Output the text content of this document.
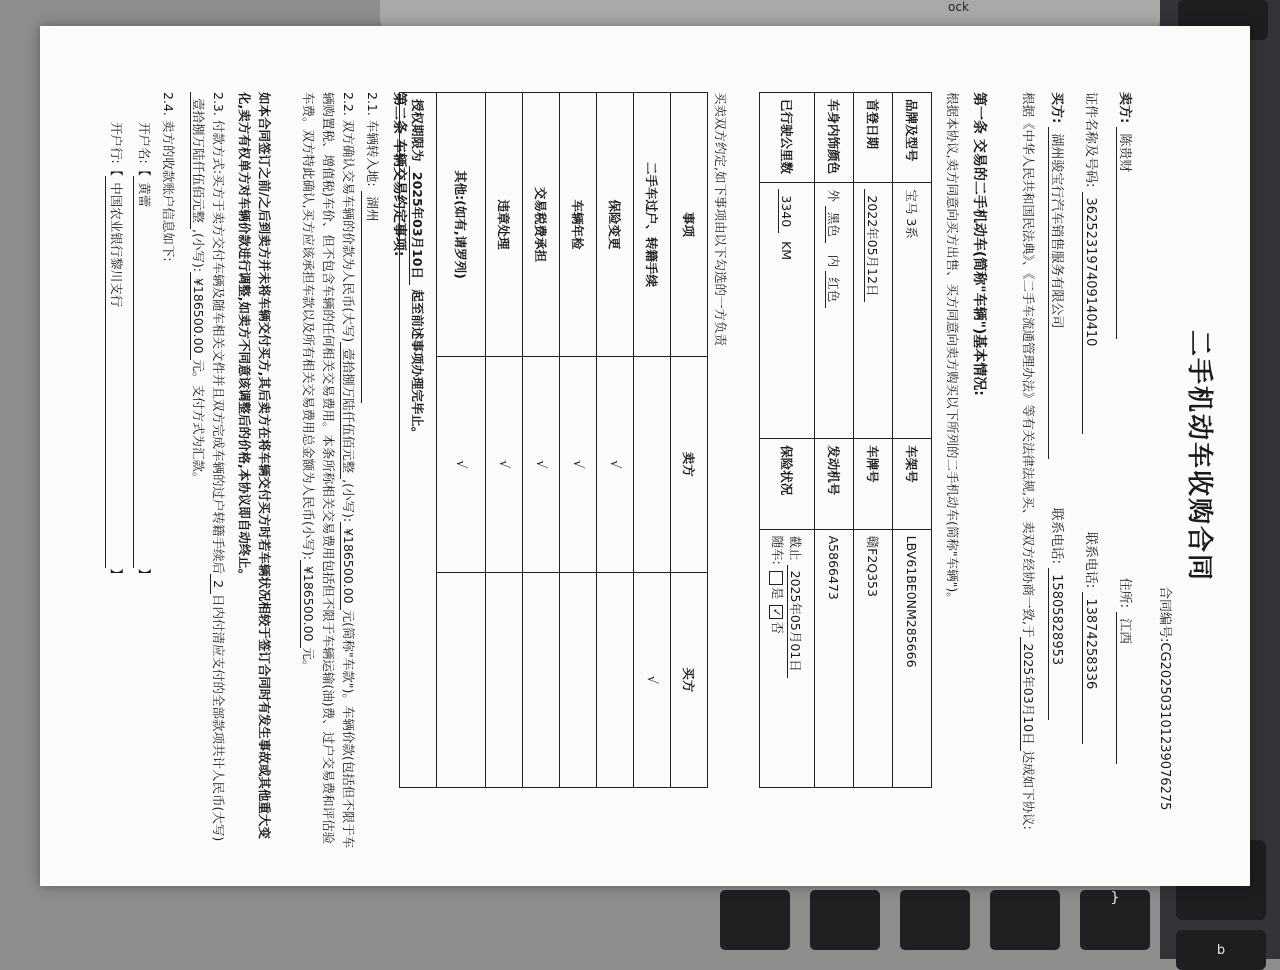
ock
b
}
二手机动车收购合同
合同编号:CG202503101239076275
卖方: 陈贵财  住所: 江西
证件名称及号码: 362523197409140410  联系电话: 13874258336
买方: 湖州骏宝行汽车销售服务有限公司  联系电话: 15805828953
根据《中华人民共和国民法典》、《二手车流通管理办法》等有关法律法规,买、卖双方经协商一致,于2025年03月10日达成如下协议:
第一条 交易的二手机动车(简称"车辆")基本情况:
根据本协议,卖方同意向买方出售、买方同意向卖方购买以下所列的二手机动车(简称"车辆")。
品牌及型号	宝马 3系	车架号	LBV61BE0NM285666
首登日期	2022年05月12日	车牌号	赣F2Q353
车身内饰颜色	外 黑色   内 红色	发动机号	A5866473
已行驶公里数	3340  KM	保险状况	截止 2025年05月01日
随车: 是 ✓否
买卖双方约定,如下事项由以下勾选的一方负责
事项	卖方	买方
二手车过户、转籍手续		√
保险变更	√	
车辆年检	√	
交易税费承担	√	
违章处理	√	
其他:(如有,请罗列)	√	
授权期限为 2025年03月10日 起至前述事项办理完毕止。		
第二条 车辆交易约定事项:
2.1. 车辆转入地: 湖州
2.2. 双方确认交易车辆的价款为人民币(大写)壹拾捌万陆仟伍佰元整,(小写):¥186500.00元(简称"车款")。车辆价款(包括但不限于车辆购置税、增值税)车价、但不包含车辆的任何相关交易费用。本条所称相关交易费用包括但不限于车辆运输(油)费、过户交易费和评估验车费。双方特此确认,买方应该承担车款以及所有相关交易费用总金额为人民币(小写):¥186500.00元。
如本合同签订之前/之后到卖方并未将车辆交付买方,其后卖方在将车辆交付买方时若车辆状况相较于签订合同时有发生事故或其他重大变化,卖方有权单方对车辆价款进行调整,如卖方不同意该调整后的价格,本协议即自动终止。
2.3. 付款方式:买方于卖方交付车辆及随车相关文件并且双方完成车辆的过户转籍手续后2日内付清应支付的全部款项共计人民币(大写)壹拾捌万陆仟伍佰元整,(小写):¥186500.00元。支付方式为汇款。
2.4. 卖方的收款账户信息如下:
开户名:【黄蕾】
开户行:【中国农业银行黎川支行】
